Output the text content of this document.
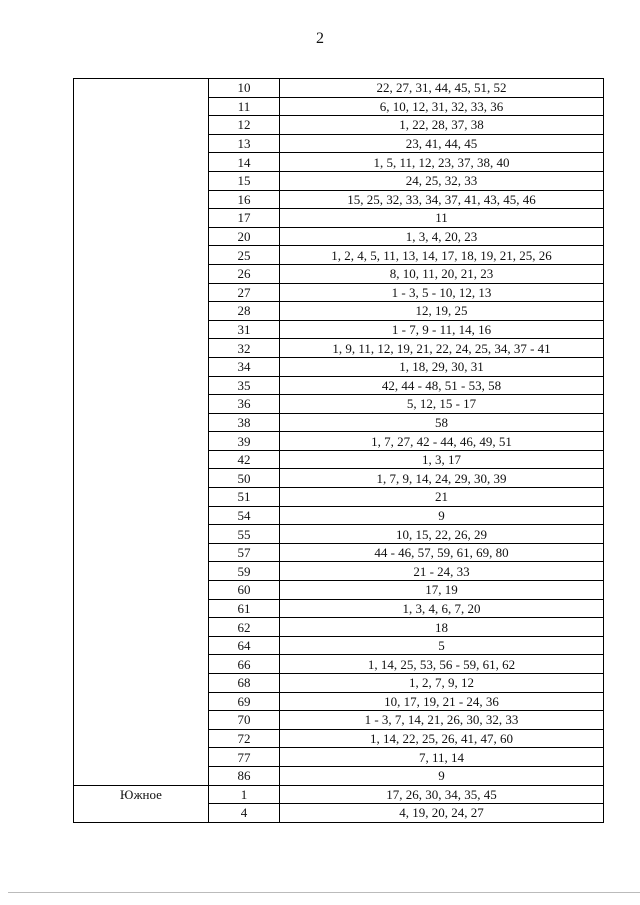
2
	10	22, 27, 31, 44, 45, 51, 52
	11	6, 10, 12, 31, 32, 33, 36
	12	1, 22, 28, 37, 38
	13	23, 41, 44, 45
	14	1, 5, 11, 12, 23, 37, 38, 40
	15	24, 25, 32, 33
	16	15, 25, 32, 33, 34, 37, 41, 43, 45, 46
	17	11
	20	1, 3, 4, 20, 23
	25	1, 2, 4, 5, 11, 13, 14, 17, 18, 19, 21, 25, 26
	26	8, 10, 11, 20, 21, 23
	27	1 - 3, 5 - 10, 12, 13
	28	12, 19, 25
	31	1 - 7, 9 - 11, 14, 16
	32	1, 9, 11, 12, 19, 21, 22, 24, 25, 34, 37 - 41
	34	1, 18, 29, 30, 31
	35	42, 44 - 48, 51 - 53, 58
	36	5, 12, 15 - 17
	38	58
	39	1, 7, 27, 42 - 44, 46, 49, 51
	42	1, 3, 17
	50	1, 7, 9, 14, 24, 29, 30, 39
	51	21
	54	9
	55	10, 15, 22, 26, 29
	57	44 - 46, 57, 59, 61, 69, 80
	59	21 - 24, 33
	60	17, 19
	61	1, 3, 4, 6, 7, 20
	62	18
	64	5
	66	1, 14, 25, 53, 56 - 59, 61, 62
	68	1, 2, 7, 9, 12
	69	10, 17, 19, 21 - 24, 36
	70	1 - 3, 7, 14, 21, 26, 30, 32, 33
	72	1, 14, 22, 25, 26, 41, 47, 60
	77	7, 11, 14
	86	9
Южное	1	17, 26, 30, 34, 35, 45
	4	4, 19, 20, 24, 27
